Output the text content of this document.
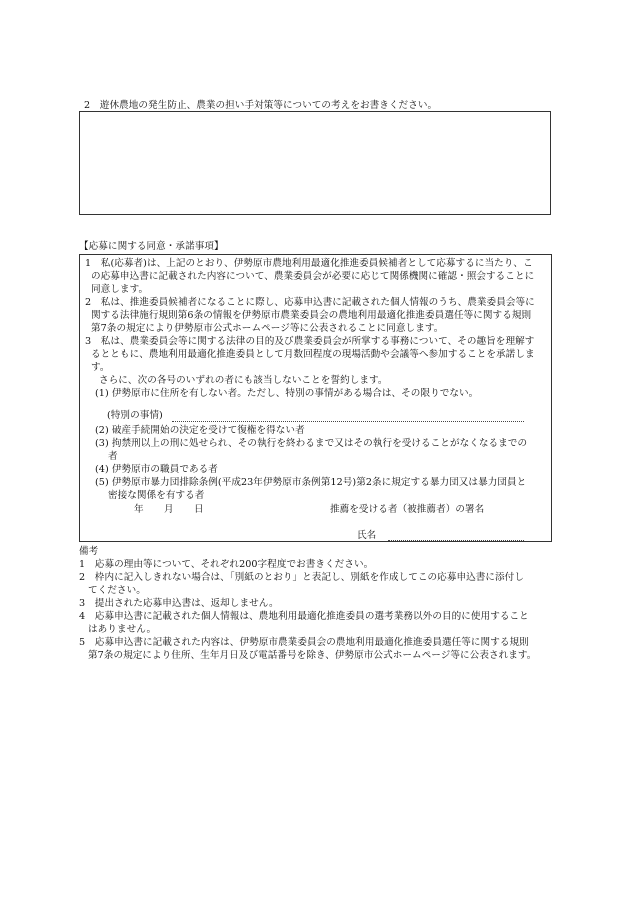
2　遊休農地の発生防止、農業の担い手対策等についての考えをお書きください。
【応募に関する同意・承諾事項】
1　私(応募者)は、上記のとおり、伊勢原市農地利用最適化推進委員候補者として応募するに当たり、こ
の応募申込書に記載された内容について、農業委員会が必要に応じて関係機関に確認・照会することに
同意します。
2　私は、推進委員候補者になることに際し、応募申込書に記載された個人情報のうち、農業委員会等に
関する法律施行規則第6条の情報を伊勢原市農業委員会の農地利用最適化推進委員選任等に関する規則
第7条の規定により伊勢原市公式ホームページ等に公表されることに同意します。
3　私は、農業委員会等に関する法律の目的及び農業委員会が所掌する事務について、その趣旨を理解す
るとともに、農地利用最適化推進委員として月数回程度の現場活動や会議等へ参加することを承諾しま
す。
さらに、次の各号のいずれの者にも該当しないことを誓約します。
(1) 伊勢原市に住所を有しない者。ただし、特別の事情がある場合は、その限りでない。
(特別の事情)
(2) 破産手続開始の決定を受けて復権を得ない者
(3) 拘禁刑以上の刑に処せられ、その執行を終わるまで又はその執行を受けることがなくなるまでの
者
(4) 伊勢原市の職員である者
(5) 伊勢原市暴力団排除条例(平成23年伊勢原市条例第12号)第2条に規定する暴力団又は暴力団員と
密接な関係を有する者
年 月 日	推薦を受ける者（被推薦者）の署名
氏名
備考
1　応募の理由等について、それぞれ200字程度でお書きください。
2　枠内に記入しきれない場合は、「別紙のとおり」と表記し、別紙を作成してこの応募申込書に添付し
てください。
3　提出された応募申込書は、返却しません。
4　応募申込書に記載された個人情報は、農地利用最適化推進委員の選考業務以外の目的に使用すること
はありません。
5　応募申込書に記載された内容は、伊勢原市農業委員会の農地利用最適化推進委員選任等に関する規則
第7条の規定により住所、生年月日及び電話番号を除き、伊勢原市公式ホームページ等に公表されます。
